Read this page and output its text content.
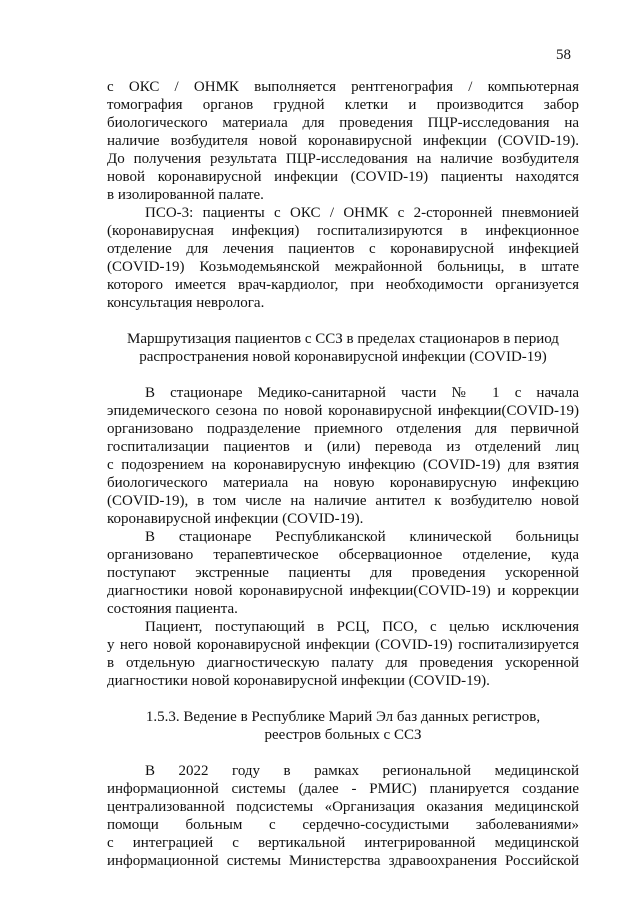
58
с ОКС / ОНМК выполняется рентгенография / компьютерная
томография органов грудной клетки и производится забор
биологического материала для проведения ПЦР-исследования на
наличие возбудителя новой коронавирусной инфекции (COVID-19).
До получения результата ПЦР-исследования на наличие возбудителя
новой коронавирусной инфекции (COVID-19) пациенты находятся
в изолированной палате.
ПСО-3: пациенты с ОКС / ОНМК с 2-сторонней пневмонией
(коронавирусная инфекция) госпитализируются в инфекционное
отделение для лечения пациентов с коронавирусной инфекцией
(COVID-19) Козьмодемьянской межрайонной больницы, в штате
которого имеется врач-кардиолог, при необходимости организуется
консультация невролога.
Маршрутизация пациентов с ССЗ в пределах стационаров в период
распространения новой коронавирусной инфекции (COVID-19)
В стационаре Медико-санитарной части № 1 с начала
эпидемического сезона по новой коронавирусной инфекции(COVID-19)
организовано подразделение приемного отделения для первичной
госпитализации пациентов и (или) перевода из отделений лиц
с подозрением на коронавирусную инфекцию (COVID-19) для взятия
биологического материала на новую коронавирусную инфекцию
(COVID-19), в том числе на наличие антител к возбудителю новой
коронавирусной инфекции (COVID-19).
В стационаре Республиканской клинической больницы
организовано терапевтическое обсервационное отделение, куда
поступают экстренные пациенты для проведения ускоренной
диагностики новой коронавирусной инфекции(COVID-19) и коррекции
состояния пациента.
Пациент, поступающий в РСЦ, ПСО, с целью исключения
у него новой коронавирусной инфекции (COVID-19) госпитализируется
в отдельную диагностическую палату для проведения ускоренной
диагностики новой коронавирусной инфекции (COVID-19).
1.5.3. Ведение в Республике Марий Эл баз данных регистров,
реестров больных с ССЗ
В 2022 году в рамках региональной медицинской
информационной системы (далее - РМИС) планируется создание
централизованной подсистемы «Организация оказания медицинской
помощи больным с сердечно-сосудистыми заболеваниями»
с интеграцией с вертикальной интегрированной медицинской
информационной системы Министерства здравоохранения Российской
